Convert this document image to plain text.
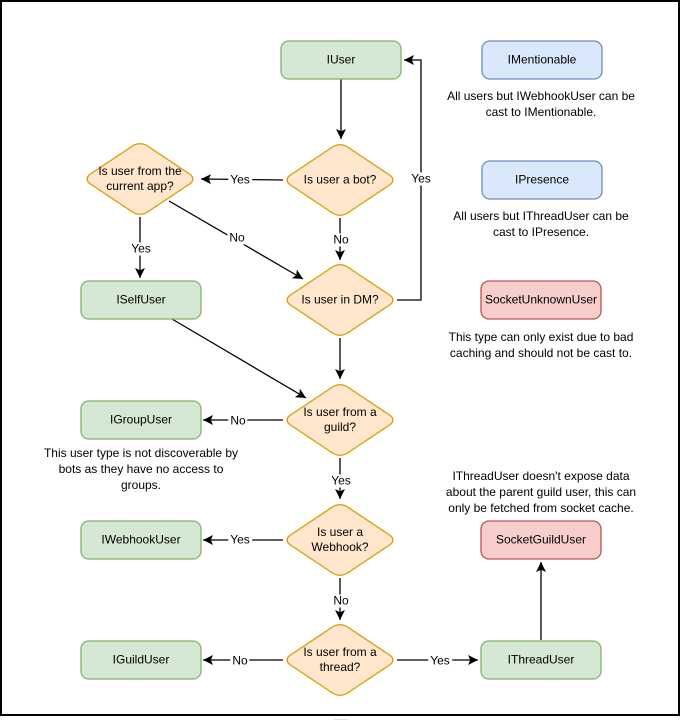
IUser	IMentionable
IPresence
SocketUnknownUser
ISelfUser
IGroupUser
IWebhookUser
IGuildUser
SocketGuildUser
IThreadUser
Is user from the
current app?	Is user a bot?
Is user in DM?
Is user from a
guild?
Is user a
Webhook?
Is user from a
thread?
All users but IWebhookUser can be
cast to IMentionable.
All users but IThreadUser can be
cast to IPresence.
This type can only exist due to bad
caching and should not be cast to.
This user type is not discoverable by
bots as they have no access to
groups.
IThreadUser doesn't expose data
about the parent guild user, this can
only be fetched from socket cache.
Yes
No
Yes
No
Yes
No
Yes
Yes
No
No	Yes
